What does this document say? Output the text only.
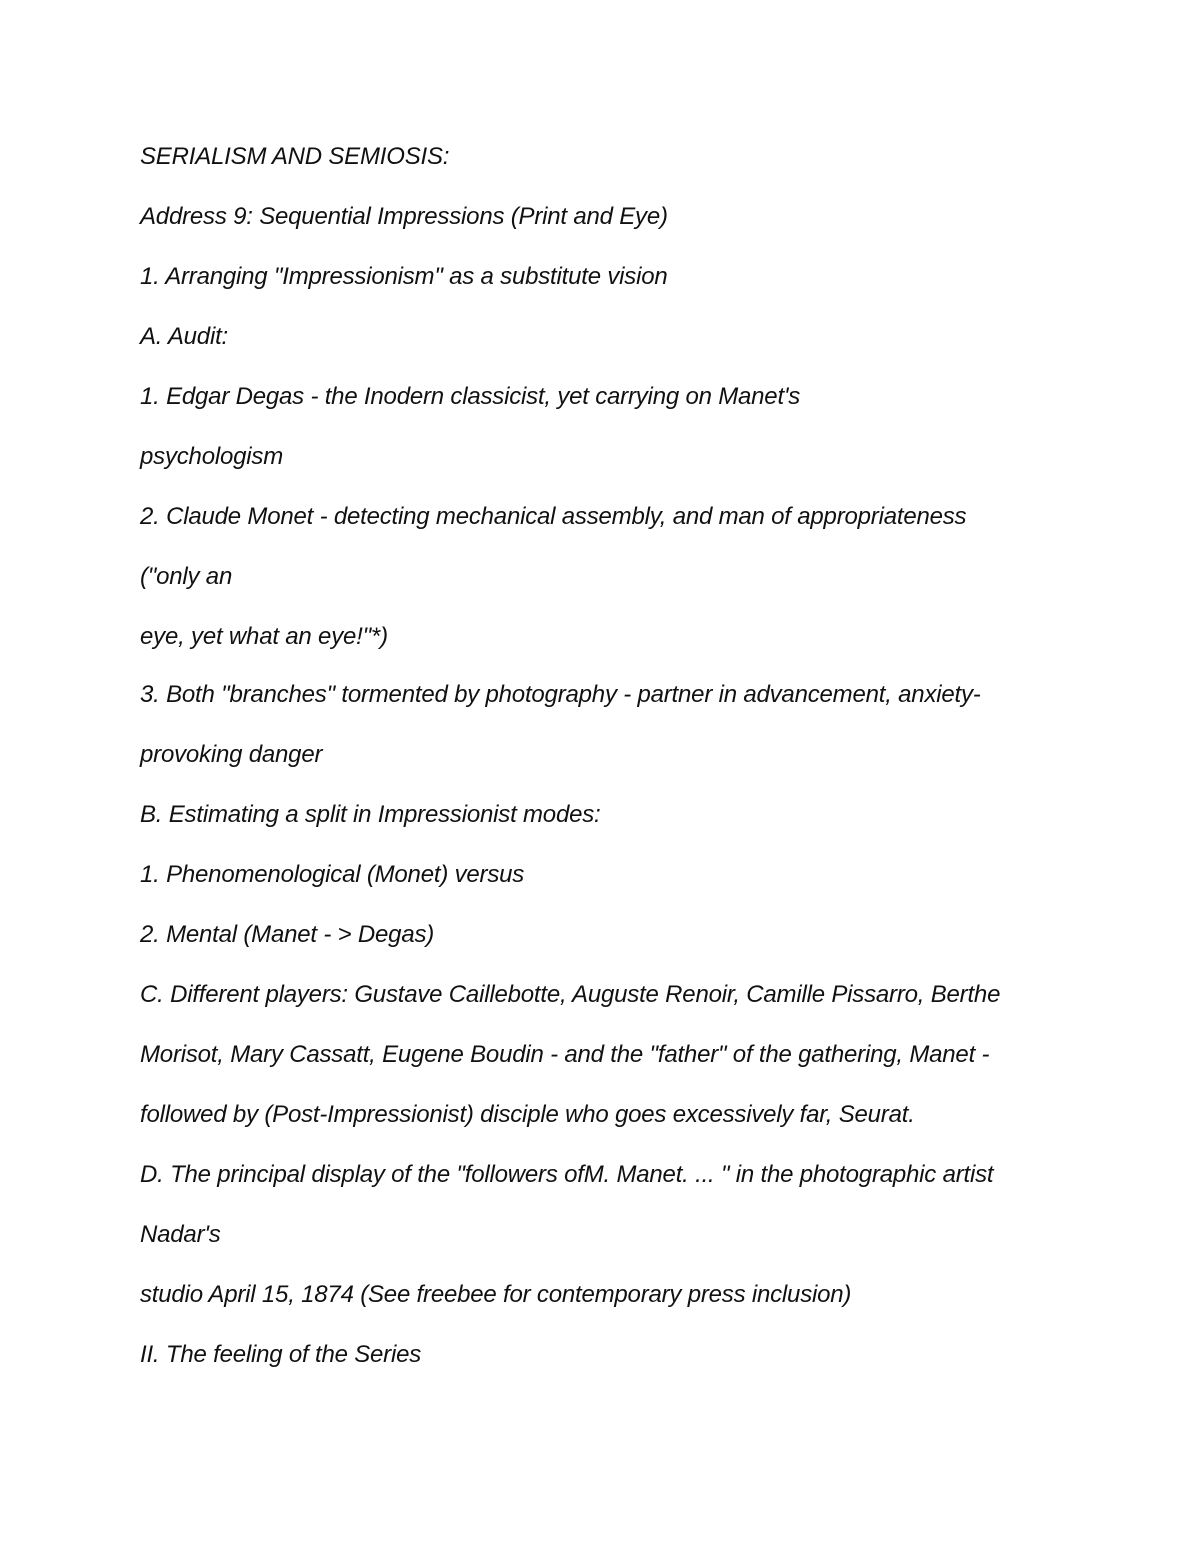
SERIALISM AND SEMIOSIS:

Address 9: Sequential Impressions (Print and Eye)

1. Arranging "Impressionism" as a substitute vision

A. Audit:

1. Edgar Degas - the Inodern classicist, yet carrying on Manet's

psychologism

2. Claude Monet - detecting mechanical assembly, and man of appropriateness

("only an

eye, yet what an eye!"*)

3. Both "branches" tormented by photography - partner in advancement, anxiety-

provoking danger

B. Estimating a split in Impressionist modes:

1. Phenomenological (Monet) versus

2. Mental (Manet - > Degas)

C. Different players: Gustave Caillebotte, Auguste Renoir, Camille Pissarro, Berthe

Morisot, Mary Cassatt, Eugene Boudin - and the "father" of the gathering, Manet -

followed by (Post-Impressionist) disciple who goes excessively far, Seurat.

D. The principal display of the "followers ofM. Manet. ... " in the photographic artist

Nadar's

studio April 15, 1874 (See freebee for contemporary press inclusion)

II. The feeling of the Series
